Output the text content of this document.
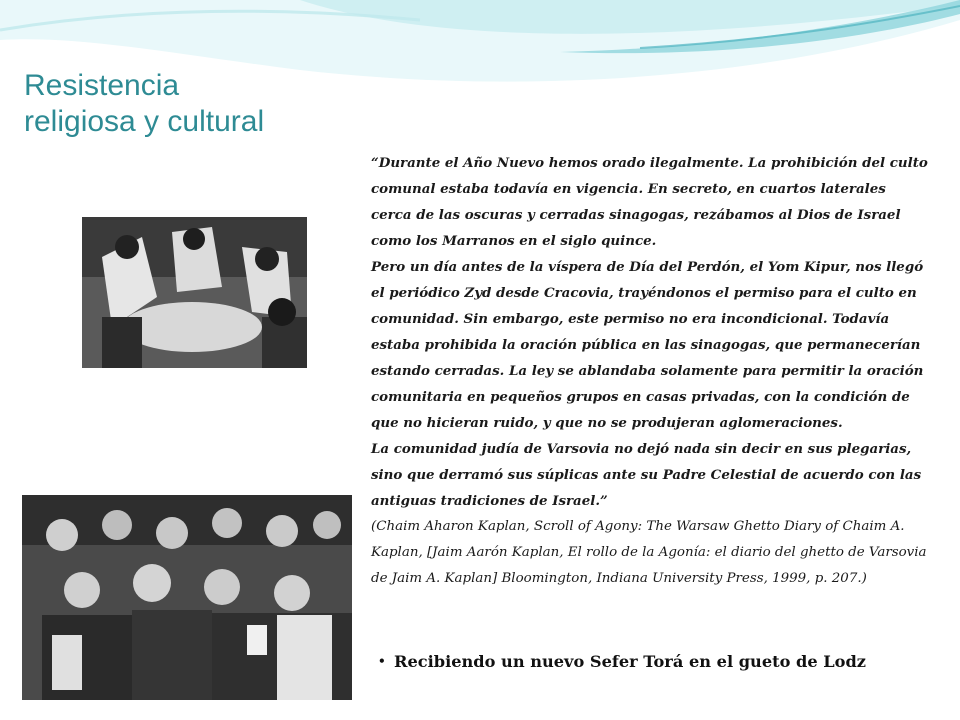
Resistencia
religiosa y cultural

“Durante el Año Nuevo hemos orado ilegalmente. La prohibición del culto comunal estaba todavía en vigencia. En secreto, en cuartos laterales cerca de las oscuras y cerradas sinagogas, rezábamos al Dios de Israel como los Marranos en el siglo quince.

Pero un día antes de la víspera de Día del Perdón, el Yom Kipur, nos llegó el periódico Zyd desde Cracovia, trayéndonos el permiso para el culto en comunidad. Sin embargo, este permiso no era incondicional. Todavía estaba prohibida la oración pública en las sinagogas, que permanecerían estando cerradas. La ley se ablandaba solamente para permitir la oración comunitaria en pequeños grupos en casas privadas, con la condición de que no hicieran ruido, y que no se produjeran aglomeraciones.

La comunidad judía de Varsovia no dejó nada sin decir en sus plegarias, sino que derramó sus súplicas ante su Padre Celestial de acuerdo con las antiguas tradiciones de Israel.”

(Chaim Aharon Kaplan, Scroll of Agony: The Warsaw Ghetto Diary of Chaim A. Kaplan, [Jaim Aarón Kaplan, El rollo de la Agonía: el diario del ghetto de Varsovia de Jaim A. Kaplan] Bloomington, Indiana University Press, 1999, p. 207.)

• Recibiendo un nuevo Sefer Torá en el gueto de Lodz
